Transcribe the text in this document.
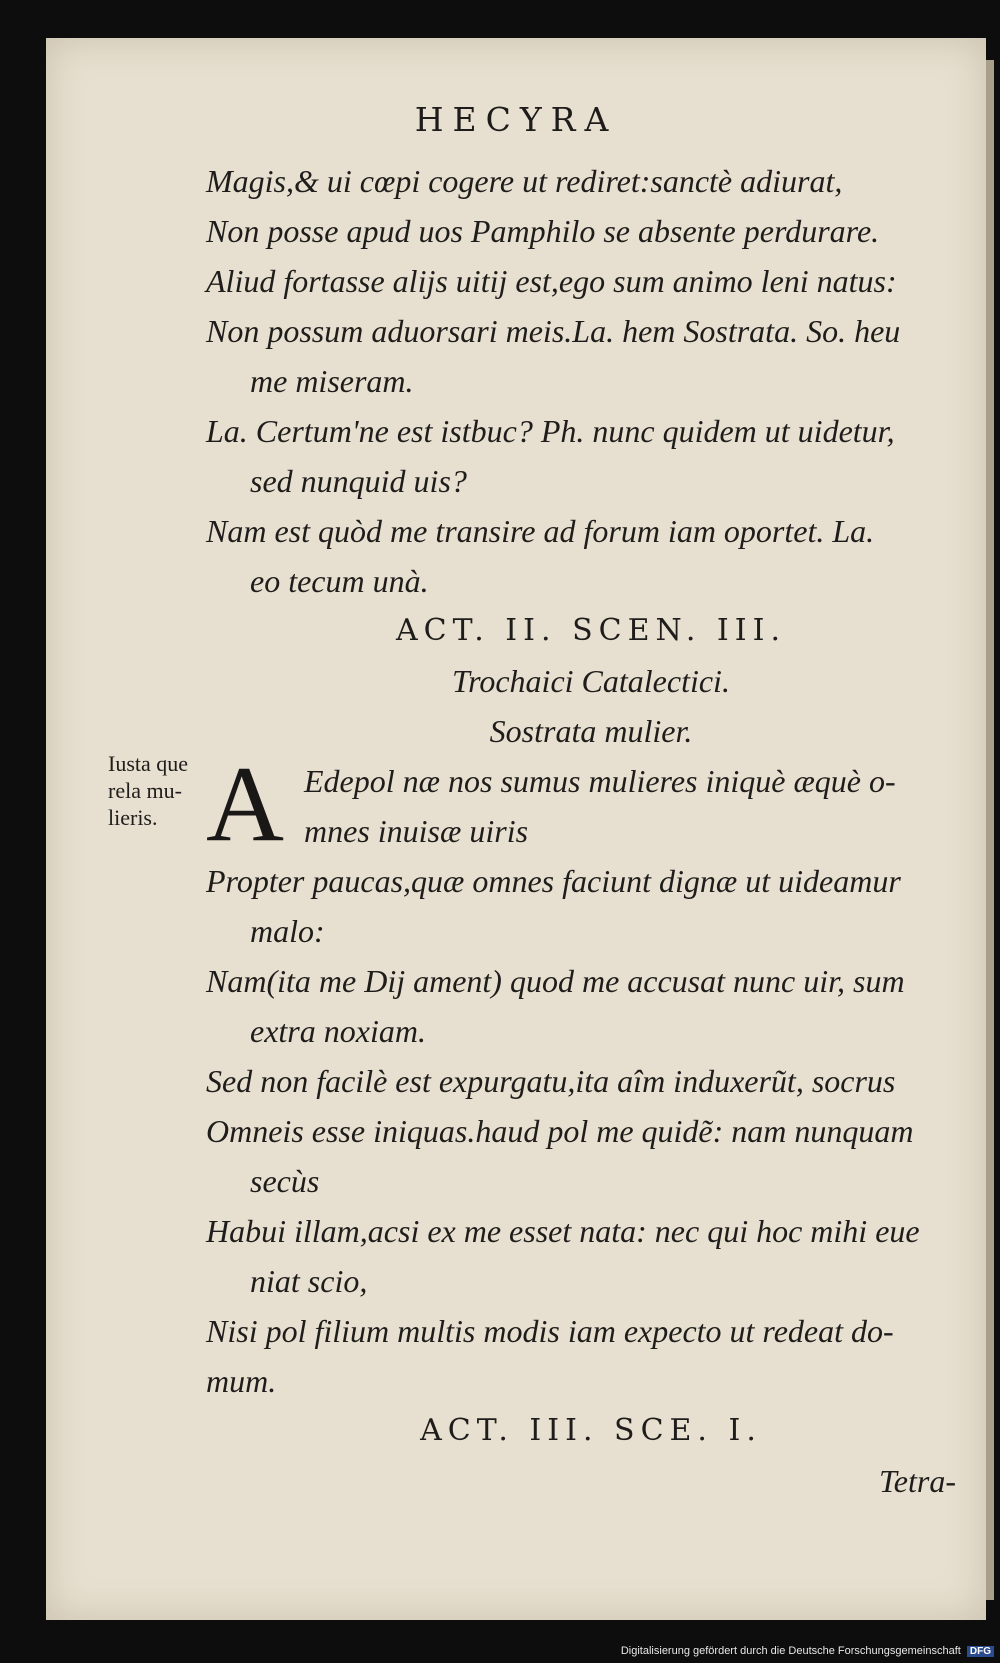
HECYRA
Iusta que
rela mu-
lieris.
Magis,& ui cœpi cogere ut rediret:sanctè adiurat,
Non posse apud uos Pamphilo se absente perdurare.
Aliud fortasse alijs uitij est,ego sum animo leni natus:
Non possum aduorsari meis.La. hem Sostrata. So. heu
me miseram.
La. Certum'ne est istbuc? Ph. nunc quidem ut uidetur,
sed nunquid uis?
Nam est quòd me transire ad forum iam oportet. La.
eo tecum unà.
ACT. II. SCEN. III.
Trochaici Catalectici.
Sostrata mulier.
A Edepol næ nos sumus mulieres iniquè æquè o-
mnes inuisæ uiris
Propter paucas,quæ omnes faciunt dignæ ut uideamur
malo:
Nam(ita me Dij ament) quod me accusat nunc uir, sum
extra noxiam.
Sed non facilè est expurgatu,ita aîm induxerũt, socrus
Omneis esse iniquas.haud pol me quidẽ: nam nunquam
secùs
Habui illam,acsi ex me esset nata: nec qui hoc mihi eue
niat scio,
Nisi pol filium multis modis iam expecto ut redeat do-
mum.
ACT. III. SCE. I.
Tetra-
Digitalisierung gefördert durch die Deutsche Forschungsgemeinschaft DFG
